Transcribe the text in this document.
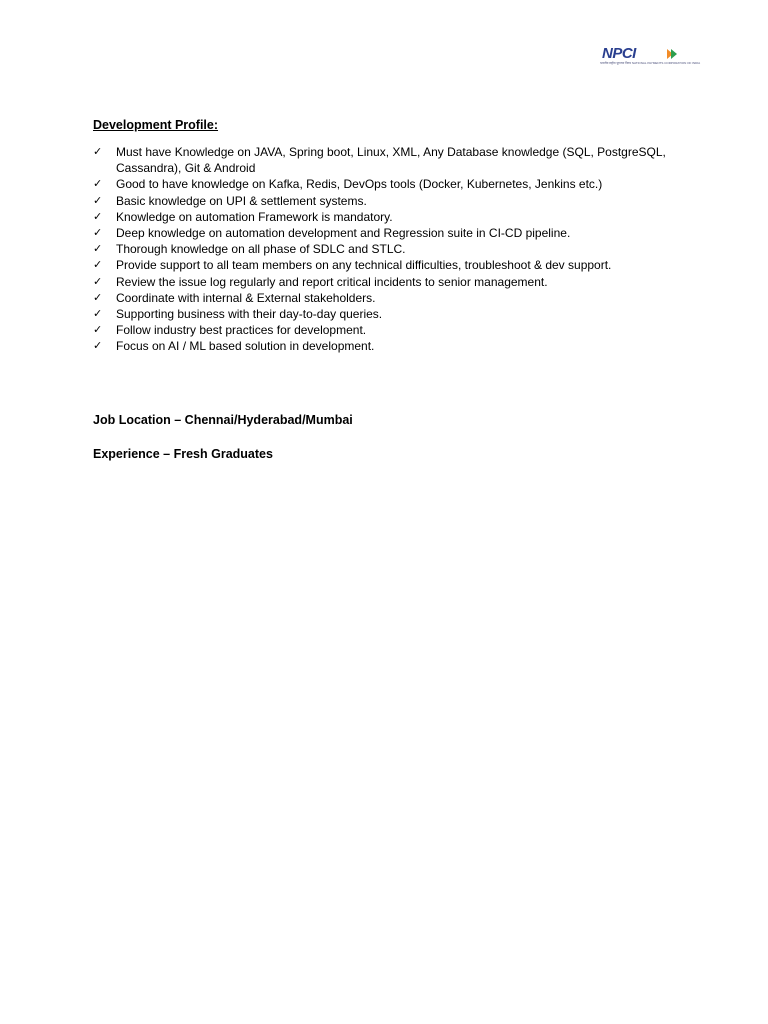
NPCI
भारतीय राष्ट्रीय भुगतान निगम NATIONAL PAYMENTS CORPORATION OF INDIA
Development Profile:
✓ Must have Knowledge on JAVA, Spring boot, Linux, XML, Any Database knowledge (SQL, PostgreSQL, Cassandra), Git & Android
✓ Good to have knowledge on Kafka, Redis, DevOps tools (Docker, Kubernetes, Jenkins etc.)
✓ Basic knowledge on UPI & settlement systems.
✓ Knowledge on automation Framework is mandatory.
✓ Deep knowledge on automation development and Regression suite in CI-CD pipeline.
✓ Thorough knowledge on all phase of SDLC and STLC.
✓ Provide support to all team members on any technical difficulties, troubleshoot & dev support.
✓ Review the issue log regularly and report critical incidents to senior management.
✓ Coordinate with internal & External stakeholders.
✓ Supporting business with their day-to-day queries.
✓ Follow industry best practices for development.
✓ Focus on AI / ML based solution in development.
Job Location – Chennai/Hyderabad/Mumbai
Experience – Fresh Graduates
